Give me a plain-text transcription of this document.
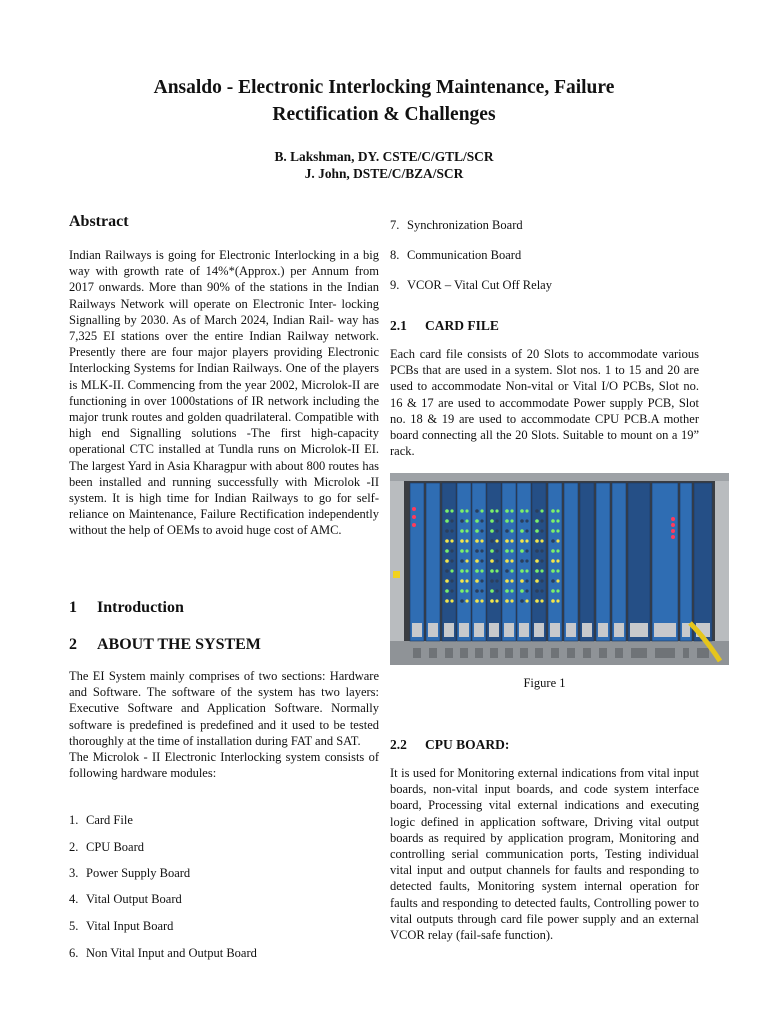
Ansaldo - Electronic Interlocking Maintenance, Failure
Rectification & Challenges
B. Lakshman, DY. CSTE/C/GTL/SCR
J. John, DSTE/C/BZA/SCR
Abstract
Indian Railways is going for Electronic Interlocking in a big way with growth rate of 14%*(Approx.) per Annum from 2017 onwards. More than 90% of the stations in the Indian Railways Network will operate on Electronic Inter- locking Signalling by 2030. As of March 2024, Indian Rail- way has 7,325 EI stations over the entire Indian Railway network. Presently there are four major players providing Electronic Interlocking Systems for Indian Railways. One of the players is MLK-II. Commencing from the year 2002, Microlok-II are functioning in over 1000stations of IR network including the major trunk routes and golden quadrilateral. Compatible with high end Signalling solutions -The first high-capacity operational CTC installed at Tundla runs on Microlok-II EI. The largest Yard in Asia Kharagpur with about 800 routes has been installed and running successfully with Microlok -II system. It is high time for Indian Railways to go for self- reliance on Maintenance, Failure Rectification independently without the help of OEMs to avoid huge cost of AMC.
1 Introduction
2 ABOUT THE SYSTEM

The EI System mainly comprises of two sections: Hardware and Software. The software of the system has two layers: Executive Software and Application Software. Normally software is predefined is predefined and it used to be tested thoroughly at the time of installation during FAT and SAT.

The Microlok - II Electronic Interlocking system consists of following hardware modules:

1. Card File
2. CPU Board
3. Power Supply Board
4. Vital Output Board
5. Vital Input Board
6. Non Vital Input and Output Board
7. Synchronization Board
8. Communication Board
9. VCOR – Vital Cut Off Relay
2.1 CARD FILE
Each card file consists of 20 Slots to accommodate various PCBs that are used in a system. Slot nos. 1 to 15 and 20 are used to accommodate Non-vital or Vital I/O PCBs, Slot no. 16 & 17 are used to accommodate Power supply PCB, Slot no. 18 & 19 are used to accommodate CPU PCB.A mother board connecting all the 20 Slots. Suitable to mount on a 19” rack.
Figure 1
2.2 CPU BOARD:
It is used for Monitoring external indications from vital input boards, non-vital input boards, and code system interface board, Processing vital external indications and executing logic defined in application software, Driving vital output boards as required by application program, Monitoring and controlling serial communication ports, Testing individual vital input and output channels for faults and responding to detected faults, Monitoring system internal operation for faults and responding to detected faults, Controlling power to vital outputs through card file power supply and an external VCOR relay (fail-safe function).
